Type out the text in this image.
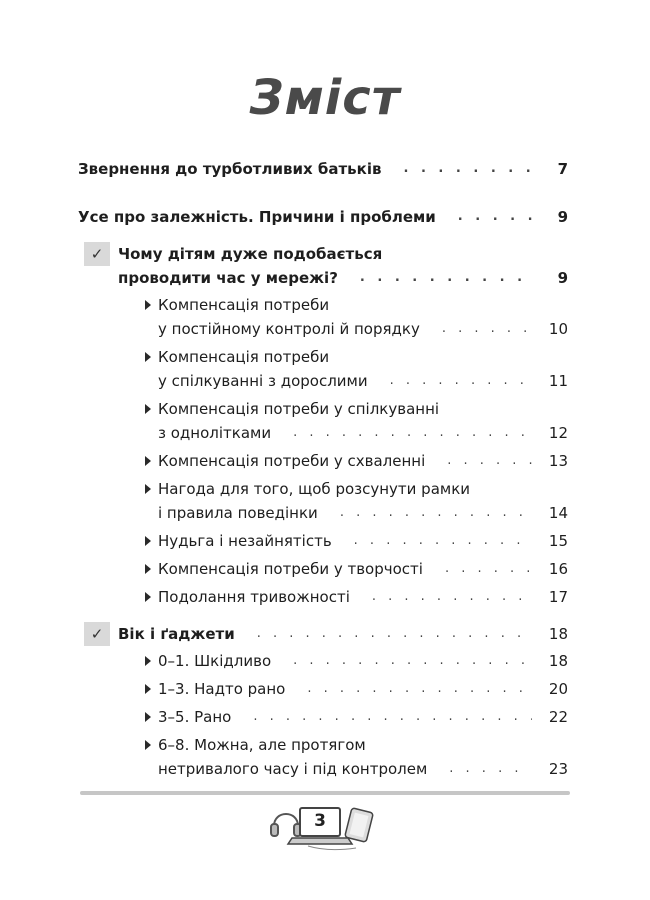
Зміст
Звернення до турботливих батьків . . .	7
Усе про залежність. Причини і проблеми . . .	9
✓ Чому дітям дуже подобається
проводити час у мережі? . . .	9
Компенсація потреби
у постійному контролі й порядку . . .	10
Компенсація потреби
у спілкуванні з дорослими . . .	11
Компенсація потреби у спілкуванні
з однолітками . . .	12
Компенсація потреби у схваленні . . .	13
Нагода для того, щоб розсунути рамки
і правила поведінки . . .	14
Нудьга і незайнятість . . .	15
Компенсація потреби у творчості . . .	16
Подолання тривожності . . .	17
✓ Вік і ґаджети . . .	18
0–1. Шкідливо . . .	18
1–3. Надто рано . . .	20
3–5. Рано . . .	22
6–8. Можна, але протягом
нетривалого часу і під контролем . . .	23
3
